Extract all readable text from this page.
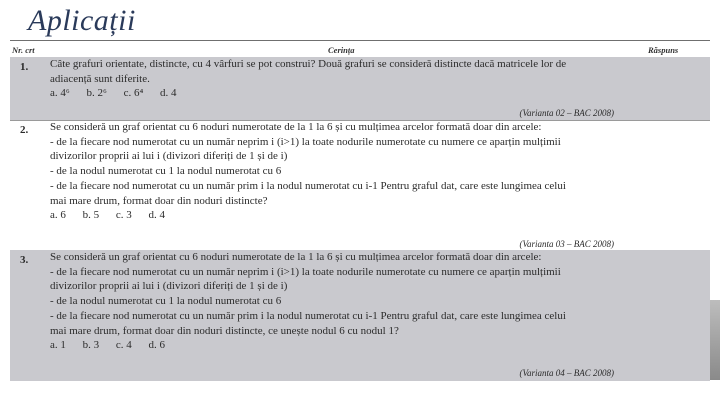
Aplicații
Nr. crt	Cerința	Răspuns
1. Câte grafuri orientate, distincte, cu 4 vârfuri se pot construi? Două grafuri se consideră distincte dacă matricele lor de
adiacență sunt diferite.
a. 4⁶ b. 2⁶ c. 6⁴ d. 4
(Varianta 02 – BAC 2008)
2. Se consideră un graf orientat cu 6 noduri numerotate de la 1 la 6 și cu mulțimea arcelor formată doar din arcele:
- de la fiecare nod numerotat cu un număr neprim i (i>1) la toate nodurile numerotate cu numere ce aparțin mulțimii
divizorilor proprii ai lui i (divizori diferiți de 1 și de i)
- de la nodul numerotat cu 1 la nodul numerotat cu 6
- de la fiecare nod numerotat cu un număr prim i la nodul numerotat cu i-1 Pentru graful dat, care este lungimea celui
mai mare drum, format doar din noduri distincte?
a. 6 b. 5 c. 3 d. 4
(Varianta 03 – BAC 2008)
3. Se consideră un graf orientat cu 6 noduri numerotate de la 1 la 6 și cu mulțimea arcelor formată doar din arcele:
- de la fiecare nod numerotat cu un număr neprim i (i>1) la toate nodurile numerotate cu numere ce aparțin mulțimii
divizorilor proprii ai lui i (divizori diferiți de 1 și de i)
- de la nodul numerotat cu 1 la nodul numerotat cu 6
- de la fiecare nod numerotat cu un număr prim i la nodul numerotat cu i-1 Pentru graful dat, care este lungimea celui
mai mare drum, format doar din noduri distincte, ce unește nodul 6 cu nodul 1?
a. 1 b. 3 c. 4 d. 6
(Varianta 04 – BAC 2008)
